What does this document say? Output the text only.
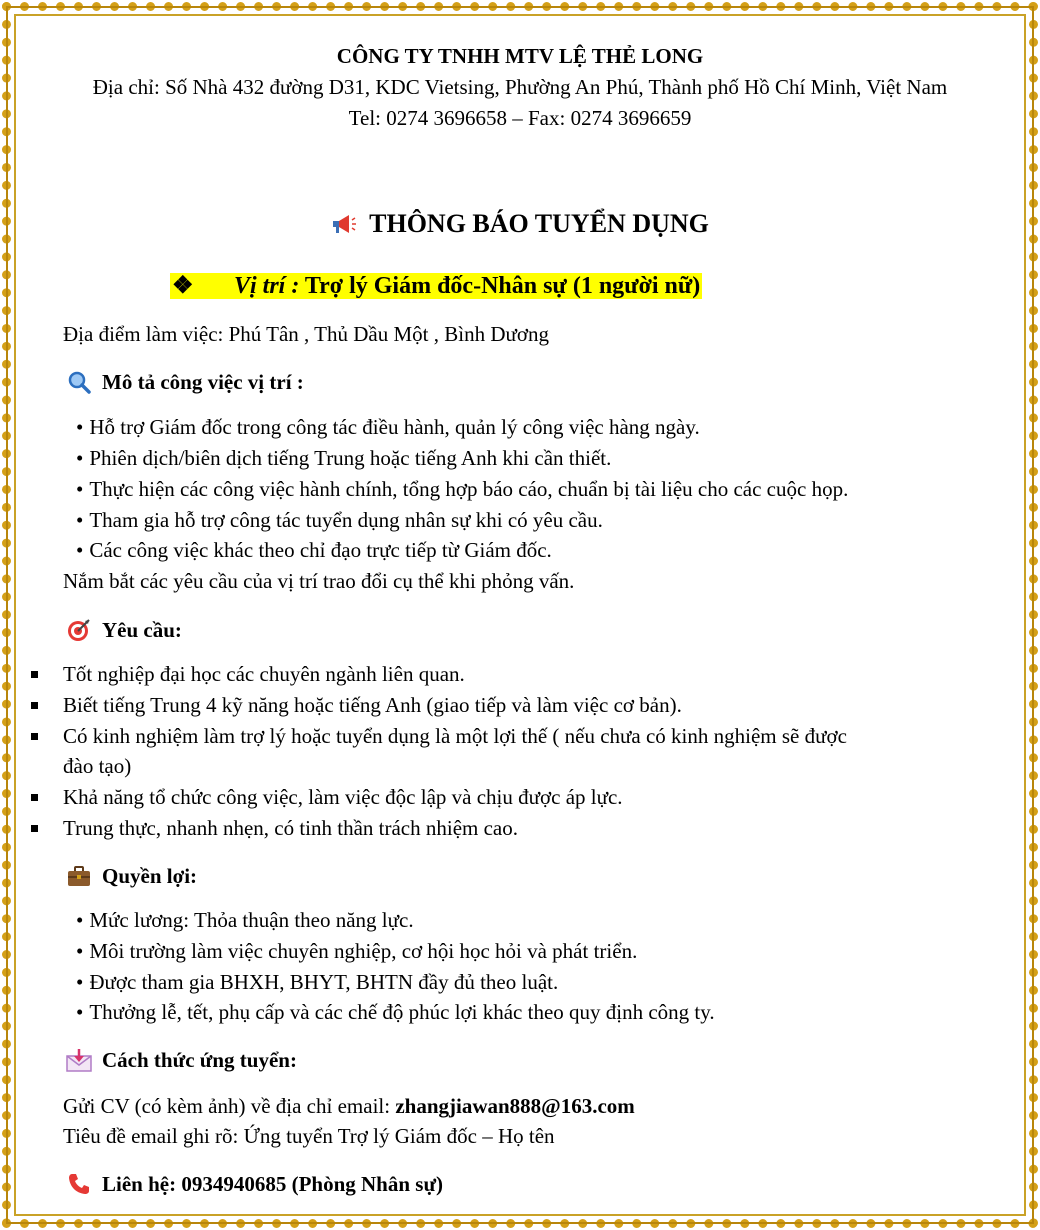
CÔNG TY TNHH MTV LỆ THẺ LONG
Địa chỉ: Số Nhà 432 đường D31, KDC Vietsing, Phường An Phú, Thành phố Hồ Chí Minh, Việt Nam
Tel: 0274 3696658 – Fax: 0274 3696659
THÔNG BÁO TUYỂN DỤNG
❖ Vị trí : Trợ lý Giám đốc-Nhân sự (1 người nữ)
Địa điểm làm việc: Phú Tân , Thủ Dầu Một , Bình Dương
Mô tả công việc vị trí :
• Hỗ trợ Giám đốc trong công tác điều hành, quản lý công việc hàng ngày.
• Phiên dịch/biên dịch tiếng Trung hoặc tiếng Anh khi cần thiết.
• Thực hiện các công việc hành chính, tổng hợp báo cáo, chuẩn bị tài liệu cho các cuộc họp.
• Tham gia hỗ trợ công tác tuyển dụng nhân sự khi có yêu cầu.
• Các công việc khác theo chỉ đạo trực tiếp từ Giám đốc.
Nắm bắt các yêu cầu của vị trí trao đổi cụ thể khi phỏng vấn.
Yêu cầu:
Tốt nghiệp đại học các chuyên ngành liên quan.
Biết tiếng Trung 4 kỹ năng hoặc tiếng Anh (giao tiếp và làm việc cơ bản).
Có kinh nghiệm làm trợ lý hoặc tuyển dụng là một lợi thế ( nếu chưa có kinh nghiệm sẽ được
đào tạo)
Khả năng tổ chức công việc, làm việc độc lập và chịu được áp lực.
Trung thực, nhanh nhẹn, có tinh thần trách nhiệm cao.
Quyền lợi:
• Mức lương: Thỏa thuận theo năng lực.
• Môi trường làm việc chuyên nghiệp, cơ hội học hỏi và phát triển.
• Được tham gia BHXH, BHYT, BHTN đầy đủ theo luật.
• Thưởng lễ, tết, phụ cấp và các chế độ phúc lợi khác theo quy định công ty.
Cách thức ứng tuyển:
Gửi CV (có kèm ảnh) về địa chỉ email: zhangjiawan888@163.com
Tiêu đề email ghi rõ: Ứng tuyển Trợ lý Giám đốc – Họ tên
Liên hệ: 0934940685 (Phòng Nhân sự)
